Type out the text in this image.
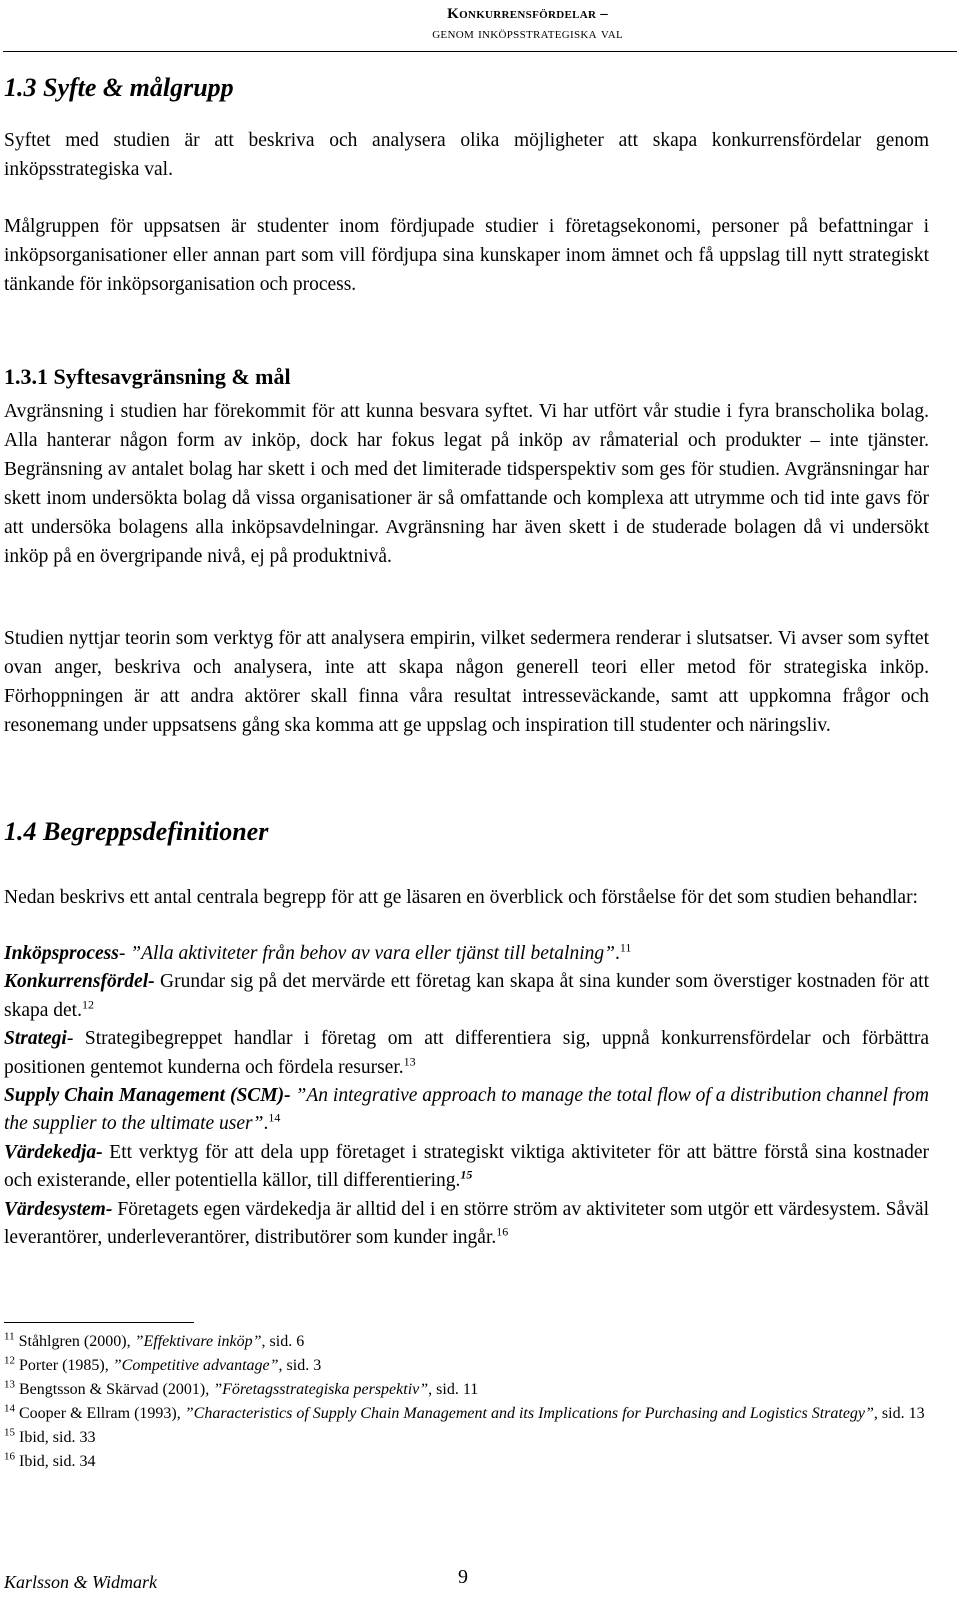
Konkurrensfördelar –
genom inköpsstrategiska val
1.3 Syfte & målgrupp

Syftet med studien är att beskriva och analysera olika möjligheter att skapa konkurrensfördelar genom inköpsstrategiska val.

Målgruppen för uppsatsen är studenter inom fördjupade studier i företagsekonomi, personer på befattningar i inköpsorganisationer eller annan part som vill fördjupa sina kunskaper inom ämnet och få uppslag till nytt strategiskt tänkande för inköpsorganisation och process.

1.3.1 Syftesavgränsning & mål

Avgränsning i studien har förekommit för att kunna besvara syftet. Vi har utfört vår studie i fyra branscholika bolag. Alla hanterar någon form av inköp, dock har fokus legat på inköp av råmaterial och produkter – inte tjänster. Begränsning av antalet bolag har skett i och med det limiterade tidsperspektiv som ges för studien. Avgränsningar har skett inom undersökta bolag då vissa organisationer är så omfattande och komplexa att utrymme och tid inte gavs för att undersöka bolagens alla inköpsavdelningar. Avgränsning har även skett i de studerade bolagen då vi undersökt inköp på en övergripande nivå, ej på produktnivå.

Studien nyttjar teorin som verktyg för att analysera empirin, vilket sedermera renderar i slutsatser. Vi avser som syftet ovan anger, beskriva och analysera, inte att skapa någon generell teori eller metod för strategiska inköp. Förhoppningen är att andra aktörer skall finna våra resultat intresseväckande, samt att uppkomna frågor och resonemang under uppsatsens gång ska komma att ge uppslag och inspiration till studenter och näringsliv.

1.4 Begreppsdefinitioner

Nedan beskrivs ett antal centrala begrepp för att ge läsaren en överblick och förståelse för det som studien behandlar:

Inköpsprocess- ”Alla aktiviteter från behov av vara eller tjänst till betalning”.$^{11}$
Konkurrensfördel- Grundar sig på det mervärde ett företag kan skapa åt sina kunder som överstiger kostnaden för att skapa det.$^{12}$
Strategi- Strategibegreppet handlar i företag om att differentiera sig, uppnå konkurrensfördelar och förbättra positionen gentemot kunderna och fördela resurser.$^{13}$
Supply Chain Management (SCM)- ”An integrative approach to manage the total flow of a distribution channel from the supplier to the ultimate user”.$^{14}$
Värdekedja- Ett verktyg för att dela upp företaget i strategiskt viktiga aktiviteter för att bättre förstå sina kostnader och existerande, eller potentiella källor, till differentiering.$^{15}$
Värdesystem- Företagets egen värdekedja är alltid del i en större ström av aktiviteter som utgör ett värdesystem. Såväl leverantörer, underleverantörer, distributörer som kunder ingår.$^{16}$
$^{11}$ Ståhlgren (2000), ”Effektivare inköp”, sid. 6
$^{12}$ Porter (1985), ”Competitive advantage”, sid. 3
$^{13}$ Bengtsson & Skärvad (2001), ”Företagsstrategiska perspektiv”, sid. 11
$^{14}$ Cooper & Ellram (1993), ”Characteristics of Supply Chain Management and its Implications for Purchasing and Logistics Strategy”, sid. 13
$^{15}$ Ibid, sid. 33
$^{16}$ Ibid, sid. 34
Karlsson & Widmark	9
